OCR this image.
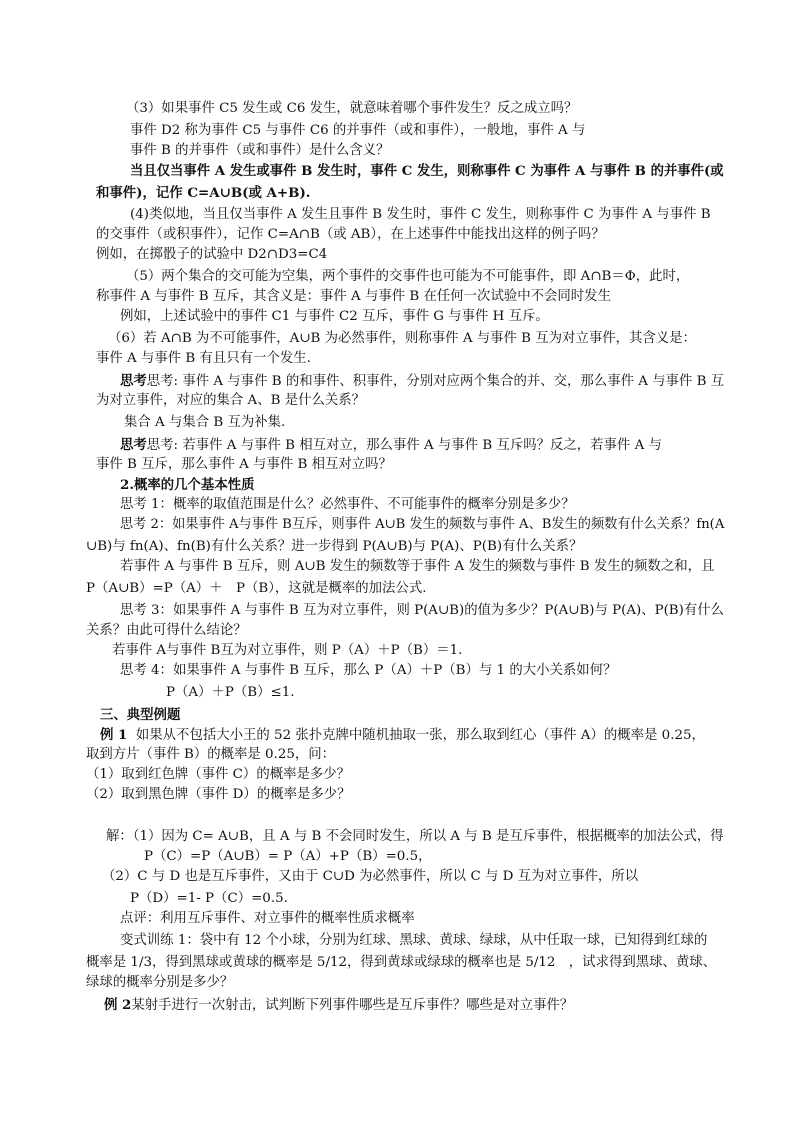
（3）如果事件 C5 发生或 C6 发生，就意味着哪个事件发生？反之成立吗？
事件 D2 称为事件 C5 与事件 C6 的并事件（或和事件），一般地，事件 A 与
事件 B 的并事件（或和事件）是什么含义？
当且仅当事件 A 发生或事件 B 发生时，事件 C 发生，则称事件 C 为事件 A 与事件 B 的并事件(或
和事件)，记作 C=A∪B(或 A+B).
(4)类似地，当且仅当事件 A 发生且事件 B 发生时，事件 C 发生，则称事件 C 为事件 A 与事件 B
的交事件（或积事件），记作 C=A∩B（或 AB），在上述事件中能找出这样的例子吗？
例如，在掷骰子的试验中 D2∩D3=C4
（5）两个集合的交可能为空集，两个事件的交事件也可能为不可能事件，即 A∩B＝Φ，此时，
称事件 A 与事件 B 互斥，其含义是：事件 A 与事件 B 在任何一次试验中不会同时发生
例如，上述试验中的事件 C1 与事件 C2 互斥，事件 G 与事件 H 互斥。
（6）若 A∩B 为不可能事件，A∪B 为必然事件，则称事件 A 与事件 B 互为对立事件，其含义是：
事件 A 与事件 B 有且只有一个发生.
思考思考: 事件 A 与事件 B 的和事件、积事件，分别对应两个集合的并、交，那么事件 A 与事件 B 互
为对立事件，对应的集合 A、B 是什么关系？
集合 A 与集合 B 互为补集.
思考思考: 若事件 A 与事件 B 相互对立，那么事件 A 与事件 B 互斥吗？反之，若事件 A 与
事件 B 互斥，那么事件 A 与事件 B 相互对立吗？
2.概率的几个基本性质
思考 1：概率的取值范围是什么？必然事件、不可能事件的概率分别是多少？
思考 2：如果事件 A与事件 B互斥，则事件 A∪B 发生的频数与事件 A、B发生的频数有什么关系？fn(A
∪B)与 fn(A)、fn(B)有什么关系？进一步得到 P(A∪B)与 P(A)、P(B)有什么关系？
若事件 A 与事件 B 互斥，则 A∪B 发生的频数等于事件 A 发生的频数与事件 B 发生的频数之和，且
P（A∪B）=P（A）＋　P（B），这就是概率的加法公式.
思考 3：如果事件 A 与事件 B 互为对立事件，则 P(A∪B)的值为多少？P(A∪B)与 P(A)、P(B)有什么
关系？由此可得什么结论？
若事件 A与事件 B互为对立事件，则 P（A）＋P（B）＝1.
思考 4：如果事件 A 与事件 B 互斥，那么 P（A）＋P（B）与 1 的大小关系如何？
P（A）＋P（B）≤1.
三、典型例题
例 1 如果从不包括大小王的 52 张扑克牌中随机抽取一张，那么取到红心（事件 A）的概率是 0.25，
取到方片（事件 B）的概率是 0.25，问：
（1）取到红色牌（事件 C）的概率是多少？
（2）取到黑色牌（事件 D）的概率是多少？
解：（1）因为 C= A∪B，且 A 与 B 不会同时发生，所以 A 与 B 是互斥事件，根据概率的加法公式，得
P（C）=P（A∪B）= P（A）+P（B）=0.5，
（2）C 与 D 也是互斥事件，又由于 C∪D 为必然事件，所以 C 与 D 互为对立事件，所以
P（D）=1- P（C）=0.5.
点评：利用互斥事件、对立事件的概率性质求概率
变式训练 1：袋中有 12 个小球，分别为红球、黑球、黄球、绿球，从中任取一球，已知得到红球的
概率是 1/3，得到黑球或黄球的概率是 5/12，得到黄球或绿球的概率也是 5/12　，试求得到黑球、黄球、
绿球的概率分别是多少？
例 2某射手进行一次射击，试判断下列事件哪些是互斥事件？哪些是对立事件？
